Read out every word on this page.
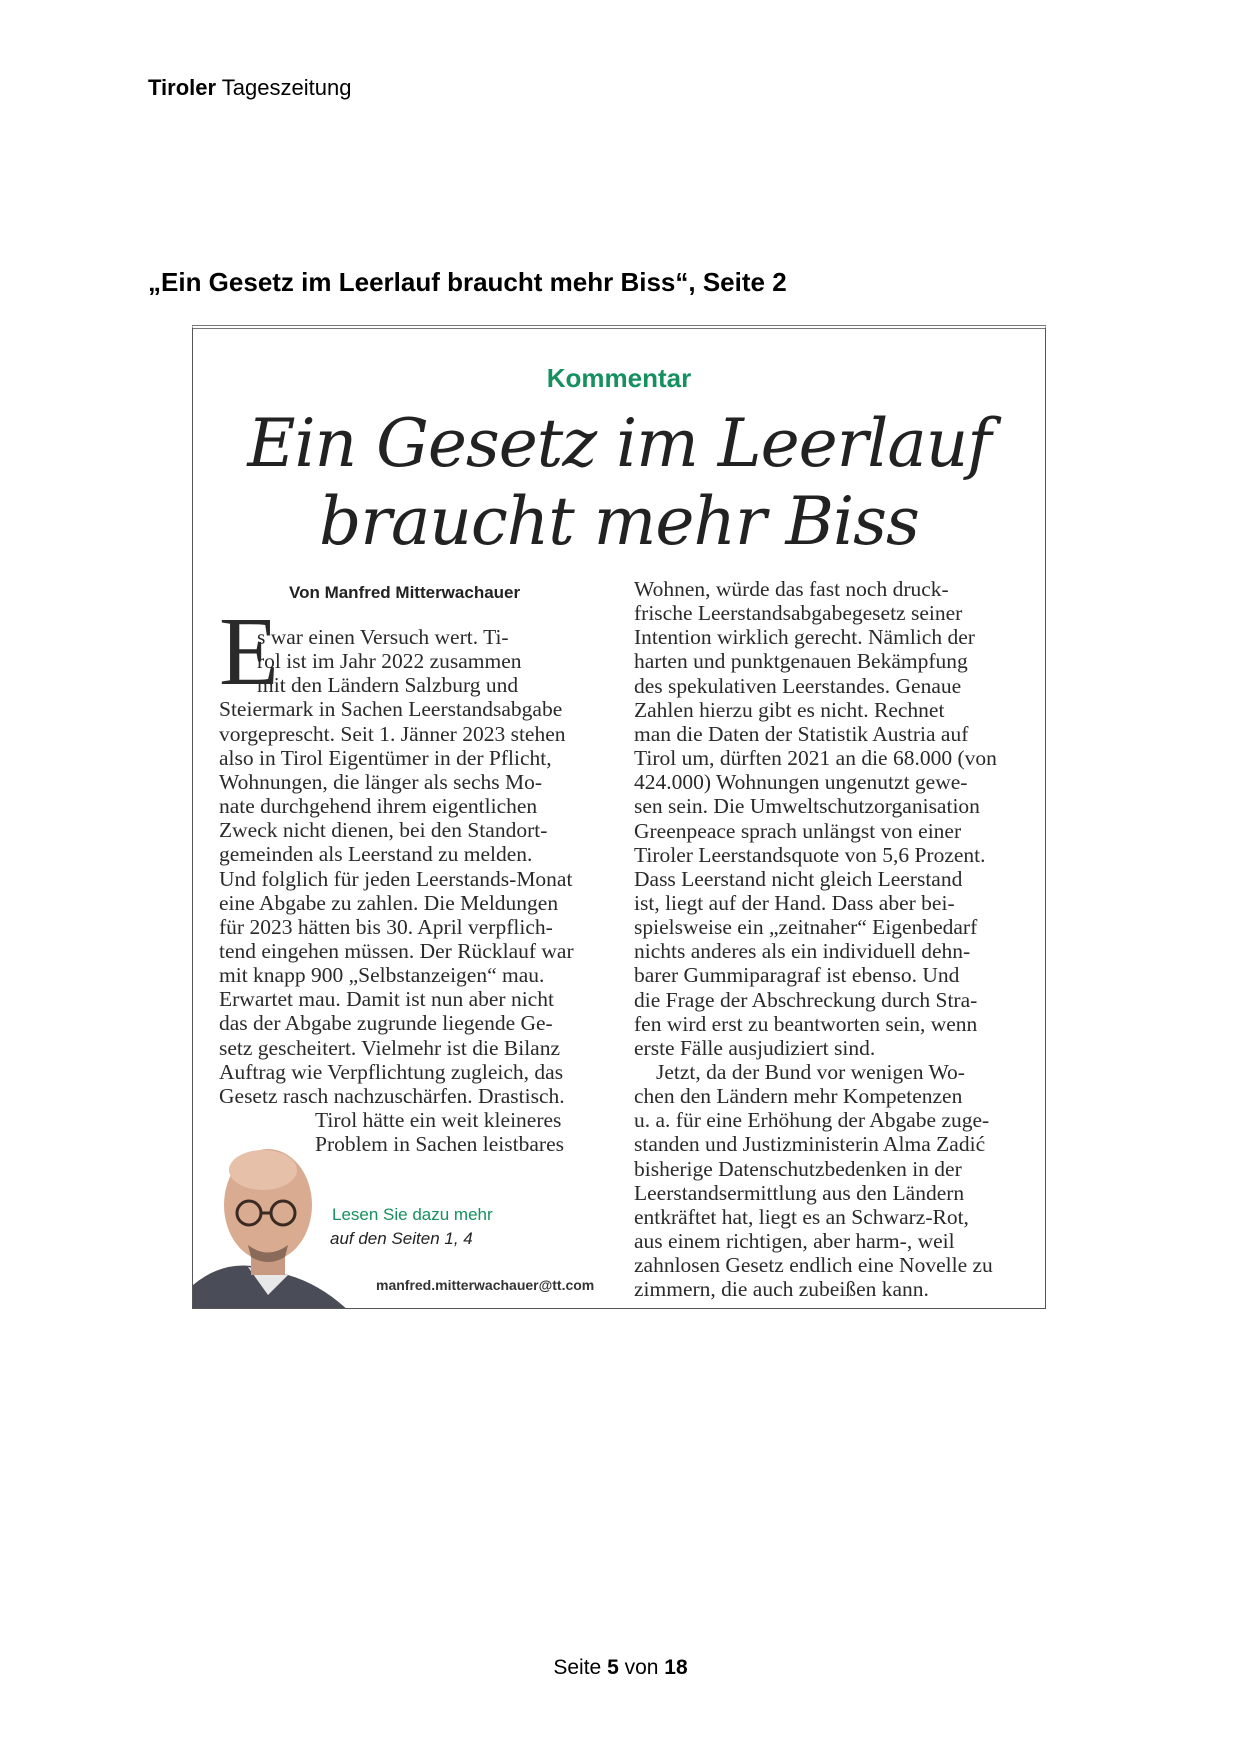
Tiroler Tageszeitung
„Ein Gesetz im Leerlauf braucht mehr Biss“, Seite 2
Kommentar
Ein Gesetz im Leerlauf
braucht mehr Biss
Von Manfred Mitterwachauer
E
s war einen Versuch wert. Ti-
rol ist im Jahr 2022 zusammen
mit den Ländern Salzburg und
Steiermark in Sachen Leerstandsabgabe
vorgeprescht. Seit 1. Jänner 2023 stehen
also in Tirol Eigentümer in der Pflicht,
Wohnungen, die länger als sechs Mo-
nate durchgehend ihrem eigentlichen
Zweck nicht dienen, bei den Standort-
gemeinden als Leerstand zu melden.
Und folglich für jeden Leerstands-Monat
eine Abgabe zu zahlen. Die Meldungen
für 2023 hätten bis 30. April verpflich-
tend eingehen müssen. Der Rücklauf war
mit knapp 900 „Selbstanzeigen“ mau.
Erwartet mau. Damit ist nun aber nicht
das der Abgabe zugrunde liegende Ge-
setz gescheitert. Vielmehr ist die Bilanz
Auftrag wie Verpflichtung zugleich, das
Gesetz rasch nachzuschärfen. Drastisch.
Tirol hätte ein weit kleineres
Problem in Sachen leistbares
Wohnen, würde das fast noch druck-
frische Leerstandsabgabegesetz seiner
Intention wirklich gerecht. Nämlich der
harten und punktgenauen Bekämpfung
des spekulativen Leerstandes. Genaue
Zahlen hierzu gibt es nicht. Rechnet
man die Daten der Statistik Austria auf
Tirol um, dürften 2021 an die 68.000 (von
424.000) Wohnungen ungenutzt gewe-
sen sein. Die Umweltschutzorganisation
Greenpeace sprach unlängst von einer
Tiroler Leerstandsquote von 5,6 Prozent.
Dass Leerstand nicht gleich Leerstand
ist, liegt auf der Hand. Dass aber bei-
spielsweise ein „zeitnaher“ Eigenbedarf
nichts anderes als ein individuell dehn-
barer Gummiparagraf ist ebenso. Und
die Frage der Abschreckung durch Stra-
fen wird erst zu beantworten sein, wenn
erste Fälle ausjudiziert sind.
Jetzt, da der Bund vor wenigen Wo-
chen den Ländern mehr Kompetenzen
u. a. für eine Erhöhung der Abgabe zuge-
standen und Justizministerin Alma Zadić
bisherige Datenschutzbedenken in der
Leerstandsermittlung aus den Ländern
entkräftet hat, liegt es an Schwarz-Rot,
aus einem richtigen, aber harm-, weil
zahnlosen Gesetz endlich eine Novelle zu
zimmern, die auch zubeißen kann.
Lesen Sie dazu mehr
auf den Seiten 1, 4
manfred.mitterwachauer@tt.com
Seite 5 von 18
